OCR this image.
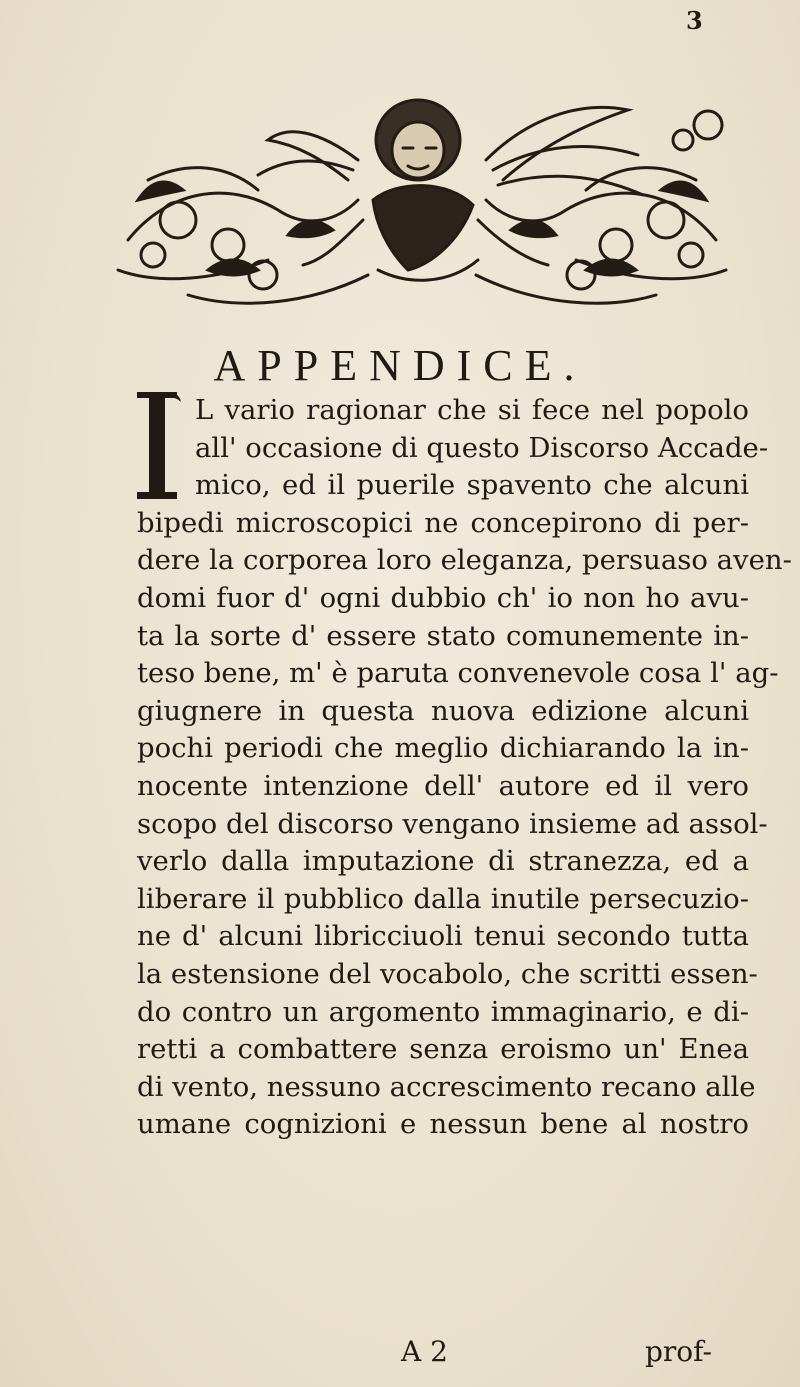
3
APPENDICE.
L vario ragionar che si fece nel popolo
all' occasione di questo Discorso Accade-
mico, ed il puerile spavento che alcuni
bipedi microscopici ne concepirono di per-
dere la corporea loro eleganza, persuaso aven-
domi fuor d' ogni dubbio ch' io non ho avu-
ta la sorte d' essere stato comunemente in-
teso bene, m' è paruta convenevole cosa l' ag-
giugnere in questa nuova edizione alcuni
pochi periodi che meglio dichiarando la in-
nocente intenzione dell' autore ed il vero
scopo del discorso vengano insieme ad assol-
verlo dalla imputazione di stranezza, ed a
liberare il pubblico dalla inutile persecuzio-
ne d' alcuni libricciuoli tenui secondo tutta
la estensione del vocabolo, che scritti essen-
do contro un argomento immaginario, e di-
retti a combattere senza eroismo un' Enea
di vento, nessuno accrescimento recano alle
umane cognizioni e nessun bene al nostro
A 2	prof-
